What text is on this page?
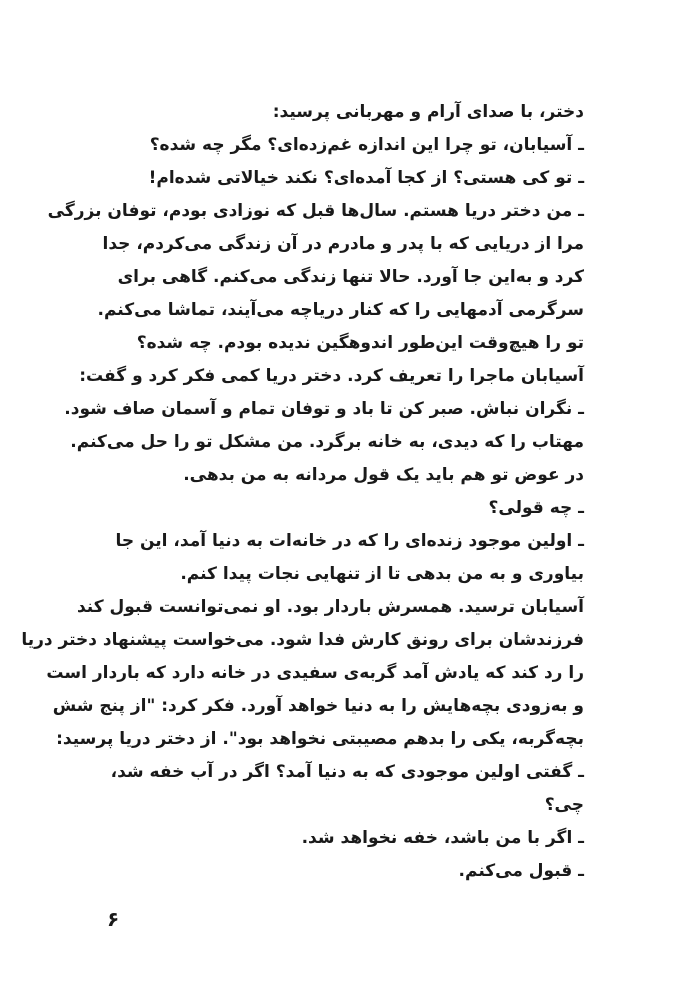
دختر، با صدای آرام و مهربانی پرسید:
ـ آسیابان، تو چرا این اندازه غم‌زده‌ای؟ مگر چه شده؟
ـ تو کی هستی؟ از کجا آمده‌ای؟ نکند خیالاتی شده‌ام!
ـ من دختر دریا هستم. سال‌ها قبل که نوزادی بودم، توفان بزرگی
مرا از دریایی که با پدر و مادرم در آن زندگی می‌کردم، جدا
کرد و به‌این جا آورد. حالا تنها زندگی می‌کنم. گاهی برای
سرگرمی آدمهایی را که کنار دریاچه می‌آیند، تماشا می‌کنم.
تو را هیچ‌وقت این‌طور اندوهگین ندیده بودم. چه شده؟
آسیابان ماجرا را تعریف کرد. دختر دریا کمی فکر کرد و گفت:
ـ نگران نباش. صبر کن تا باد و توفان تمام و آسمان صاف شود.
مهتاب را که دیدی، به خانه برگرد. من مشکل تو را حل می‌کنم.
در عوض تو هم باید یک قول مردانه به من بدهی.
ـ چه قولی؟
ـ اولین موجود زنده‌ای را که در خانه‌ات به دنیا آمد، این جا
بیاوری و به من بدهی تا از تنهایی نجات پیدا کنم.
آسیابان ترسید. همسرش باردار بود. او نمی‌توانست قبول کند
فرزندشان برای رونق کارش فدا شود. می‌خواست پیشنهاد دختر دریا
را رد کند که یادش آمد گربه‌ی سفیدی در خانه دارد که باردار است
و به‌زودی بچه‌هایش را به دنیا خواهد آورد. فکر کرد: "از پنج شش
بچه‌گربه، یکی را بدهم مصیبتی نخواهد بود". از دختر دریا پرسید:
ـ گفتی اولین موجودی که به دنیا آمد؟ اگر در آب خفه شد،
چی؟
ـ اگر با من باشد، خفه نخواهد شد.
ـ قبول می‌کنم.
۶
